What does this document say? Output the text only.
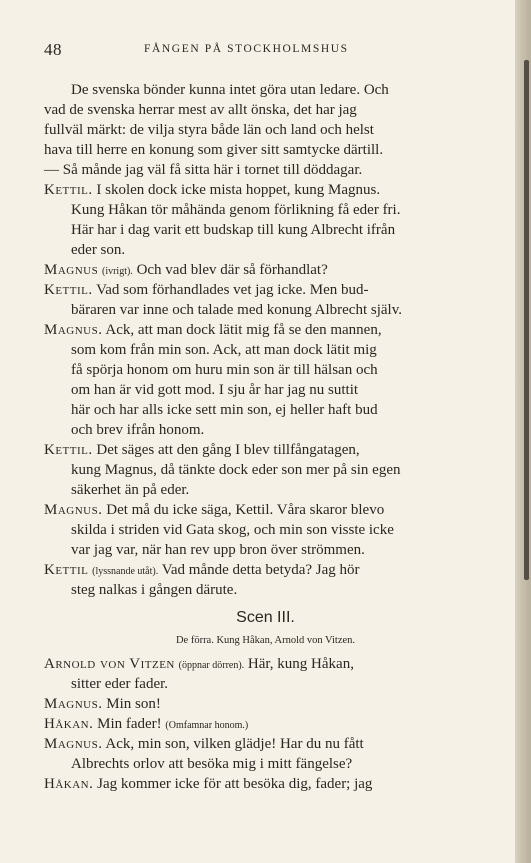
48	FÅNGEN PÅ STOCKHOLMSHUS
De svenska bönder kunna intet göra utan ledare. Och
vad de svenska herrar mest av allt önska, det har jag
fullväl märkt: de vilja styra både län och land och helst
hava till herre en konung som giver sitt samtycke därtill.
— Så månde jag väl få sitta här i tornet till döddagar.
Kettil. I skolen dock icke mista hoppet, kung Magnus.
Kung Håkan tör måhända genom förlikning få eder fri.
Här har i dag varit ett budskap till kung Albrecht ifrån
eder son.
Magnus (ivrigt). Och vad blev där så förhandlat?
Kettil. Vad som förhandlades vet jag icke. Men bud-
bäraren var inne och talade med konung Albrecht själv.
Magnus. Ack, att man dock lätit mig få se den mannen,
som kom från min son. Ack, att man dock lätit mig
få spörja honom om huru min son är till hälsan och
om han är vid gott mod. I sju år har jag nu suttit
här och har alls icke sett min son, ej heller haft bud
och brev ifrån honom.
Kettil. Det säges att den gång I blev tillfångatagen,
kung Magnus, då tänkte dock eder son mer på sin egen
säkerhet än på eder.
Magnus. Det må du icke säga, Kettil. Våra skaror blevo
skilda i striden vid Gata skog, och min son visste icke
var jag var, när han rev upp bron över strömmen.
Kettil (lyssnande utåt). Vad månde detta betyda? Jag hör
steg nalkas i gången därute.
Scen III.
De förra. Kung Håkan, Arnold von Vitzen.
Arnold von Vitzen (öppnar dörren). Här, kung Håkan,
sitter eder fader.
Magnus. Min son!
Håkan. Min fader! (Omfamnar honom.)
Magnus. Ack, min son, vilken glädje! Har du nu fått
Albrechts orlov att besöka mig i mitt fängelse?
Håkan. Jag kommer icke för att besöka dig, fader; jag
